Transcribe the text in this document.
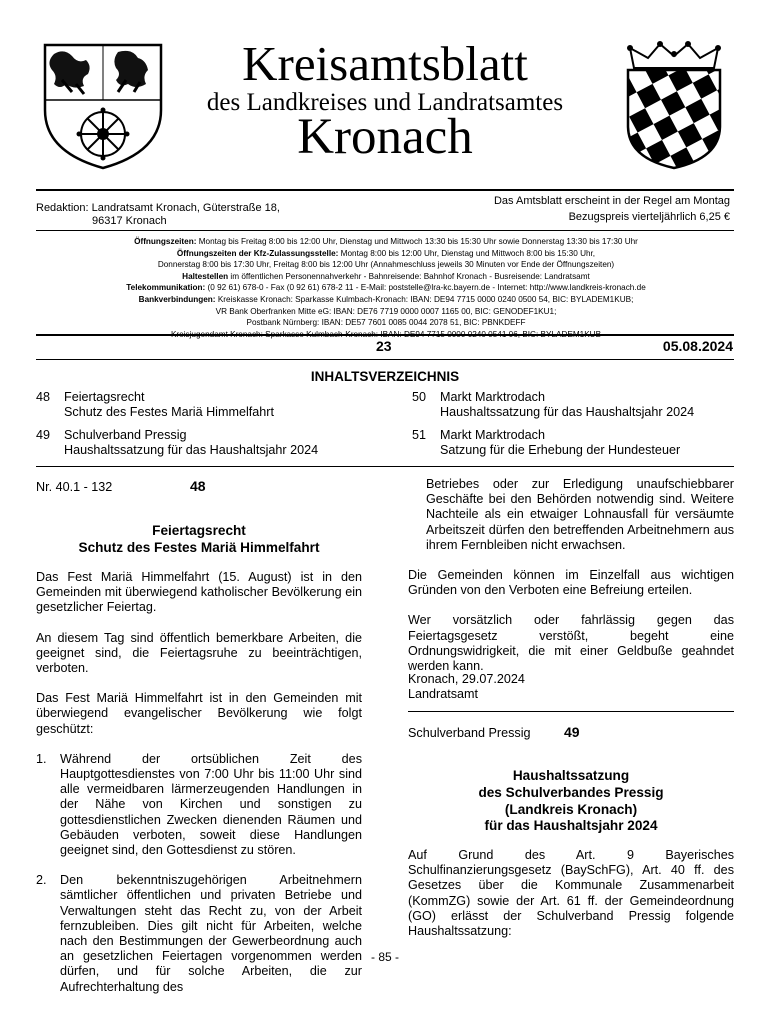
Kreisamtsblatt
des Landkreises und Landratsamtes
Kronach
Redaktion: Landratsamt Kronach, Güterstraße 18,
96317 Kronach
Das Amtsblatt erscheint in der Regel am Montag
Bezugspreis vierteljährlich 6,25 €
Öffnungszeiten: Montag bis Freitag 8:00 bis 12:00 Uhr, Dienstag und Mittwoch 13:30 bis 15:30 Uhr sowie Donnerstag 13:30 bis 17:30 Uhr
Öffnungszeiten der Kfz-Zulassungsstelle: Montag 8:00 bis 12:00 Uhr, Dienstag und Mittwoch 8:00 bis 15:30 Uhr,
Donnerstag 8:00 bis 17:30 Uhr, Freitag 8:00 bis 12:00 Uhr (Annahmeschluss jeweils 30 Minuten vor Ende der Öffnungszeiten)
Haltestellen im öffentlichen Personennahverkehr - Bahnreisende: Bahnhof Kronach - Busreisende: Landratsamt
Telekommunikation: (0 92 61) 678-0 - Fax (0 92 61) 678-2 11 - E-Mail: poststelle@lra-kc.bayern.de - Internet: http://www.landkreis-kronach.de
Bankverbindungen: Kreiskasse Kronach: Sparkasse Kulmbach-Kronach: IBAN: DE94 7715 0000 0240 0500 54, BIC: BYLADEM1KUB;
VR Bank Oberfranken Mitte eG: IBAN: DE76 7719 0000 0007 1165 00, BIC: GENODEF1KU1;
Postbank Nürnberg: IBAN: DE57 7601 0085 0044 2078 51, BIC: PBNKDEFF
Kreisjugendamt Kronach: Sparkasse Kulmbach-Kronach: IBAN: DE94 7715 0000 0240 0541 06, BIC: BYLADEM1KUB
23	05.08.2024
INHALTSVERZEICHNIS
48 Feiertagsrecht
Schutz des Festes Mariä Himmelfahrt
49 Schulverband Pressig
Haushaltssatzung für das Haushaltsjahr 2024
50 Markt Marktrodach
Haushaltssatzung für das Haushaltsjahr 2024
51 Markt Marktrodach
Satzung für die Erhebung der Hundesteuer
Nr. 40.1 - 132	48
Feiertagsrecht
Schutz des Festes Mariä Himmelfahrt

Das Fest Mariä Himmelfahrt (15. August) ist in den Gemeinden mit überwiegend katholischer Bevölkerung ein gesetzlicher Feiertag.

An diesem Tag sind öffentlich bemerkbare Arbeiten, die geeignet sind, die Feiertagsruhe zu beeinträchtigen, verboten.

Das Fest Mariä Himmelfahrt ist in den Gemeinden mit überwiegend evangelischer Bevölkerung wie folgt geschützt:

1. Während der ortsüblichen Zeit des Hauptgottesdienstes von 7:00 Uhr bis 11:00 Uhr sind alle vermeidbaren lärmerzeugenden Handlungen in der Nähe von Kirchen und sonstigen zu gottesdienstlichen Zwecken dienenden Räumen und Gebäuden verboten, soweit diese Handlungen geeignet sind, den Gottesdienst zu stören.
2. Den bekenntniszugehörigen Arbeitnehmern sämtlicher öffentlichen und privaten Betriebe und Verwaltungen steht das Recht zu, von der Arbeit fernzubleiben. Dies gilt nicht für Arbeiten, welche nach den Bestimmungen der Gewerbeordnung auch an gesetzlichen Feiertagen vorgenommen werden dürfen, und für solche Arbeiten, die zur Aufrechterhaltung des

Betriebes oder zur Erledigung unaufschiebbarer Geschäfte bei den Behörden notwendig sind. Weitere Nachteile als ein etwaiger Lohnausfall für versäumte Arbeitszeit dürfen den betreffenden Arbeitnehmern aus ihrem Fernbleiben nicht erwachsen.

Die Gemeinden können im Einzelfall aus wichtigen Gründen von den Verboten eine Befreiung erteilen.

Wer vorsätzlich oder fahrlässig gegen das Feiertagsgesetz verstößt, begeht eine Ordnungswidrigkeit, die mit einer Geldbuße geahndet werden kann.

Kronach, 29.07.2024
Landratsamt
Schulverband Pressig 49
Haushaltssatzung
des Schulverbandes Pressig
(Landkreis Kronach)
für das Haushaltsjahr 2024

Auf Grund des Art. 9 Bayerisches Schulfinanzierungsgesetz (BaySchFG), Art. 40 ff. des Gesetzes über die Kommunale Zusammenarbeit (KommZG) sowie der Art. 61 ff. der Gemeindeordnung (GO) erlässt der Schulverband Pressig folgende Haushaltssatzung:

- 85 -
